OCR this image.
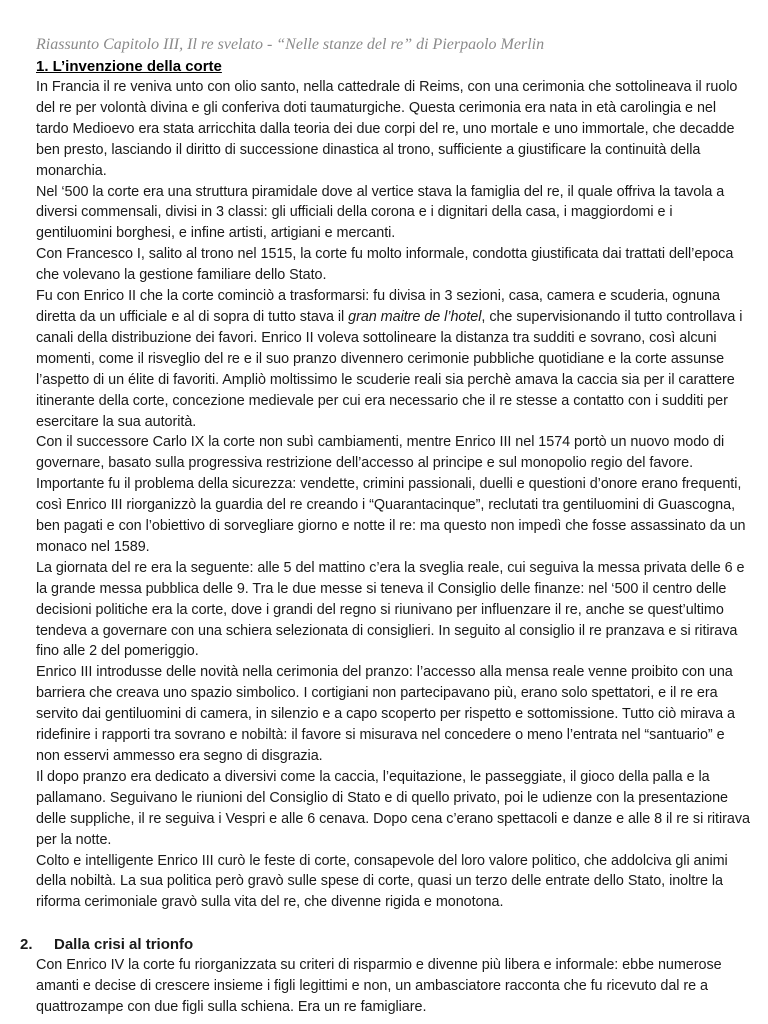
Riassunto Capitolo III, Il re svelato - “Nelle stanze del re” di Pierpaolo Merlin

1. L’invenzione della corte

In Francia il re veniva unto con olio santo, nella cattedrale di Reims, con una cerimonia che sottolineava il ruolo del re per volontà divina e gli conferiva doti taumaturgiche. Questa cerimonia era nata in età carolingia e nel tardo Medioevo era stata arricchita dalla teoria dei due corpi del re, uno mortale e uno immortale, che decadde ben presto, lasciando il diritto di successione dinastica al trono, sufficiente a giustificare la continuità della monarchia.

Nel ‘500 la corte era una struttura piramidale dove al vertice stava la famiglia del re, il quale offriva la tavola a diversi commensali, divisi in 3 classi: gli ufficiali della corona e i dignitari della casa, i maggiordomi e i gentiluomini borghesi, e infine artisti, artigiani e mercanti.

Con Francesco I, salito al trono nel 1515, la corte fu molto informale, condotta giustificata dai trattati dell’epoca che volevano la gestione familiare dello Stato.

Fu con Enrico II che la corte cominciò a trasformarsi: fu divisa in 3 sezioni, casa, camera e scuderia, ognuna diretta da un ufficiale e al di sopra di tutto stava il gran maitre de l’hotel, che supervisionando il tutto controllava i canali della distribuzione dei favori. Enrico II voleva sottolineare la distanza tra sudditi e sovrano, così alcuni momenti, come il risveglio del re e il suo pranzo divennero cerimonie pubbliche quotidiane e la corte assunse l’aspetto di un élite di favoriti. Ampliò moltissimo le scuderie reali sia perchè amava la caccia sia per il carattere itinerante della corte, concezione medievale per cui era necessario che il re stesse a contatto con i sudditi per esercitare la sua autorità.

Con il successore Carlo IX la corte non subì cambiamenti, mentre Enrico III nel 1574 portò un nuovo modo di governare, basato sulla progressiva restrizione dell’accesso al principe e sul monopolio regio del favore.

Importante fu il problema della sicurezza: vendette, crimini passionali, duelli e questioni d’onore erano frequenti, così Enrico III riorganizzò la guardia del re creando i “Quarantacinque”, reclutati tra gentiluomini di Guascogna, ben pagati e con l’obiettivo di sorvegliare giorno e notte il re: ma questo non impedì che fosse assassinato da un monaco nel 1589.

La giornata del re era la seguente: alle 5 del mattino c’era la sveglia reale, cui seguiva la messa privata delle 6 e la grande messa pubblica delle 9. Tra le due messe si teneva il Consiglio delle finanze: nel ‘500 il centro delle decisioni politiche era la corte, dove i grandi del regno si riunivano per influenzare il re, anche se quest’ultimo tendeva a governare con una schiera selezionata di consiglieri. In seguito al consiglio il re pranzava e si ritirava fino alle 2 del pomeriggio.

Enrico III introdusse delle novità nella cerimonia del pranzo: l’accesso alla mensa reale venne proibito con una barriera che creava uno spazio simbolico. I cortigiani non partecipavano più, erano solo spettatori, e il re era servito dai gentiluomini di camera, in silenzio e a capo scoperto per rispetto e sottomissione. Tutto ciò mirava a ridefinire i rapporti tra sovrano e nobiltà: il favore si misurava nel concedere o meno l’entrata nel “santuario” e non esservi ammesso era segno di disgrazia.

Il dopo pranzo era dedicato a diversivi come la caccia, l’equitazione, le passeggiate, il gioco della palla e la pallamano. Seguivano le riunioni del Consiglio di Stato e di quello privato, poi le udienze con la presentazione delle suppliche, il re seguiva i Vespri e alle 6 cenava. Dopo cena c’erano spettacoli e danze e alle 8 il re si ritirava per la notte.

Colto e intelligente Enrico III curò le feste di corte, consapevole del loro valore politico, che addolciva gli animi della nobiltà. La sua politica però gravò sulle spese di corte, quasi un terzo delle entrate dello Stato, inoltre la riforma cerimoniale gravò sulla vita del re, che divenne rigida e monotona.

2.	Dalla crisi al trionfo

Con Enrico IV la corte fu riorganizzata su criteri di risparmio e divenne più libera e informale: ebbe numerose amanti e decise di crescere insieme i figli legittimi e non, un ambasciatore racconta che fu ricevuto dal re a quattrozampe con due figli sulla schiena. Era un re famigliare.
